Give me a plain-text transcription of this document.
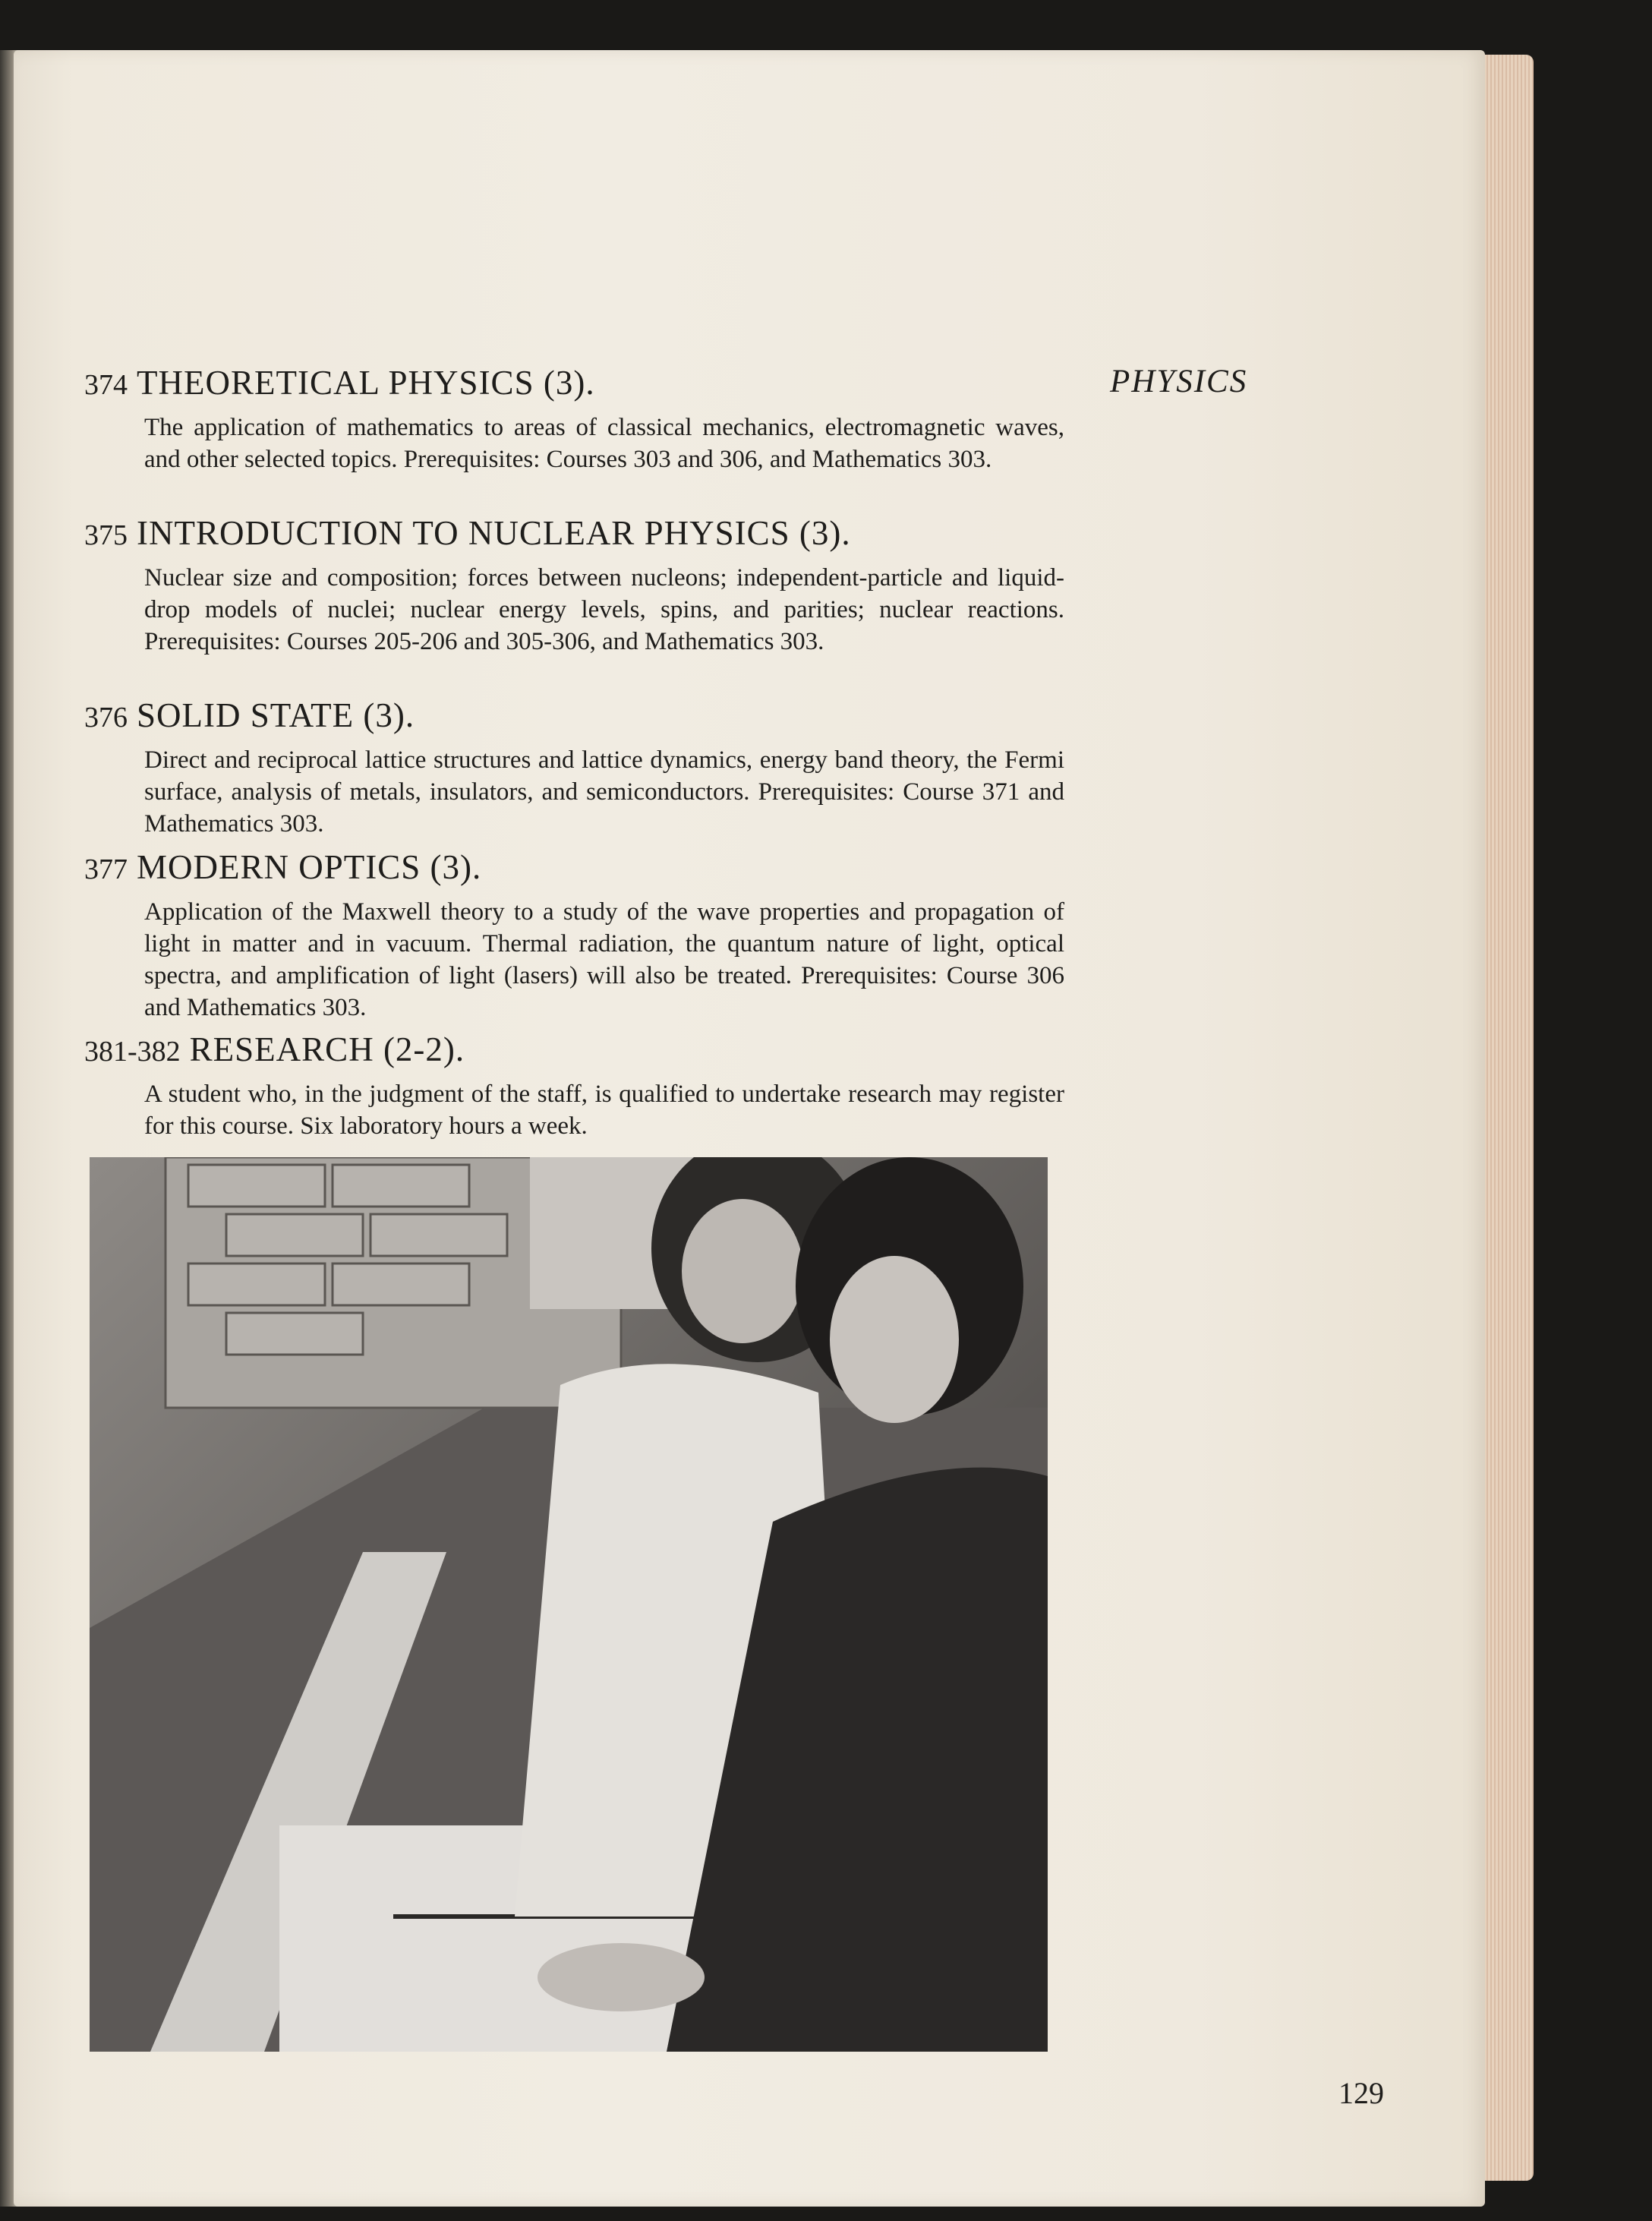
PHYSICS
374 THEORETICAL PHYSICS (3).

The application of mathematics to areas of classical mechanics, electromagnetic waves, and other selected topics. Prerequisites: Courses 303 and 306, and Mathematics 303.

375 INTRODUCTION TO NUCLEAR PHYSICS (3).

Nuclear size and composition; forces between nucleons; independent-particle and liquid-drop models of nuclei; nuclear energy levels, spins, and parities; nuclear reactions. Prerequisites: Courses 205-206 and 305-306, and Mathematics 303.

376 SOLID STATE (3).

Direct and reciprocal lattice structures and lattice dynamics, energy band theory, the Fermi surface, analysis of metals, insulators, and semiconductors. Prerequisites: Course 371 and Mathematics 303.

377 MODERN OPTICS (3).

Application of the Maxwell theory to a study of the wave properties and propagation of light in matter and in vacuum. Thermal radiation, the quantum nature of light, optical spectra, and amplification of light (lasers) will also be treated. Prerequisites: Course 306 and Mathematics 303.

381-382 RESEARCH (2-2).

A student who, in the judgment of the staff, is qualified to undertake research may register for this course. Six laboratory hours a week.

129
